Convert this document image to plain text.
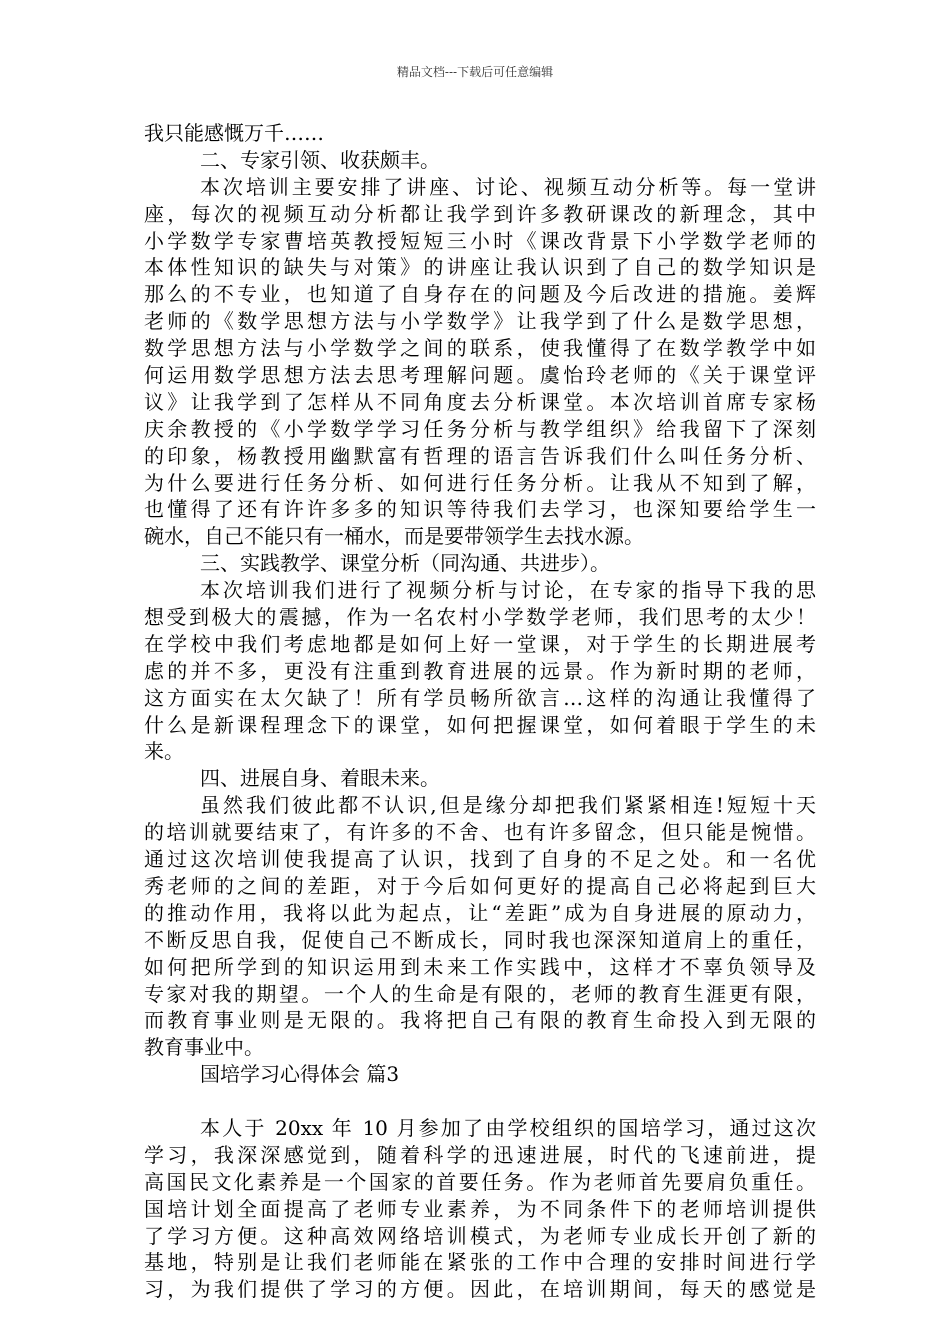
精品文档---下载后可任意编辑
我只能感慨万千……
二、专家引领、收获颇丰。
本次培训主要安排了讲座、讨论、视频互动分析等。每一堂讲
座，每次的视频互动分析都让我学到许多教研课改的新理念，其中
小学数学专家曹培英教授短短三小时《课改背景下小学数学老师的
本体性知识的缺失与对策》的讲座让我认识到了自己的数学知识是
那么的不专业，也知道了自身存在的问题及今后改进的措施。姜辉
老师的《数学思想方法与小学数学》让我学到了什么是数学思想，
数学思想方法与小学数学之间的联系，使我懂得了在数学教学中如
何运用数学思想方法去思考理解问题。虞怡玲老师的《关于课堂评
议》让我学到了怎样从不同角度去分析课堂。本次培训首席专家杨
庆余教授的《小学数学学习任务分析与教学组织》给我留下了深刻
的印象，杨教授用幽默富有哲理的语言告诉我们什么叫任务分析、
为什么要进行任务分析、如何进行任务分析。让我从不知到了解，
也懂得了还有许许多多的知识等待我们去学习，也深知要给学生一
碗水，自己不能只有一桶水，而是要带领学生去找水源。
三、实践教学、课堂分析（同沟通、共进步）。
本次培训我们进行了视频分析与讨论，在专家的指导下我的思
想受到极大的震撼，作为一名农村小学数学老师，我们思考的太少！
在学校中我们考虑地都是如何上好一堂课，对于学生的长期进展考
虑的并不多，更没有注重到教育进展的远景。作为新时期的老师，
这方面实在太欠缺了！所有学员畅所欲言…这样的沟通让我懂得了
什么是新课程理念下的课堂，如何把握课堂，如何着眼于学生的未
来。
四、进展自身、着眼未来。
虽然我们彼此都不认识,但是缘分却把我们紧紧相连!短短十天
的培训就要结束了，有许多的不舍、也有许多留念，但只能是惋惜。
通过这次培训使我提高了认识，找到了自身的不足之处。和一名优
秀老师的之间的差距，对于今后如何更好的提高自己必将起到巨大
的推动作用，我将以此为起点，让“差距”成为自身进展的原动力，
不断反思自我，促使自己不断成长，同时我也深深知道肩上的重任，
如何把所学到的知识运用到未来工作实践中，这样才不辜负领导及
专家对我的期望。一个人的生命是有限的，老师的教育生涯更有限，
而教育事业则是无限的。我将把自己有限的教育生命投入到无限的
教育事业中。
国培学习心得体会 篇3
本人于 20xx 年 10 月参加了由学校组织的国培学习，通过这次
学习，我深深感觉到，随着科学的迅速进展，时代的飞速前进，提
高国民文化素养是一个国家的首要任务。作为老师首先要肩负重任。
国培计划全面提高了老师专业素养，为不同条件下的老师培训提供
了学习方便。这种高效网络培训模式，为老师专业成长开创了新的
基地，特别是让我们老师能在紧张的工作中合理的安排时间进行学
习，为我们提供了学习的方便。因此，在培训期间，每天的感觉是
